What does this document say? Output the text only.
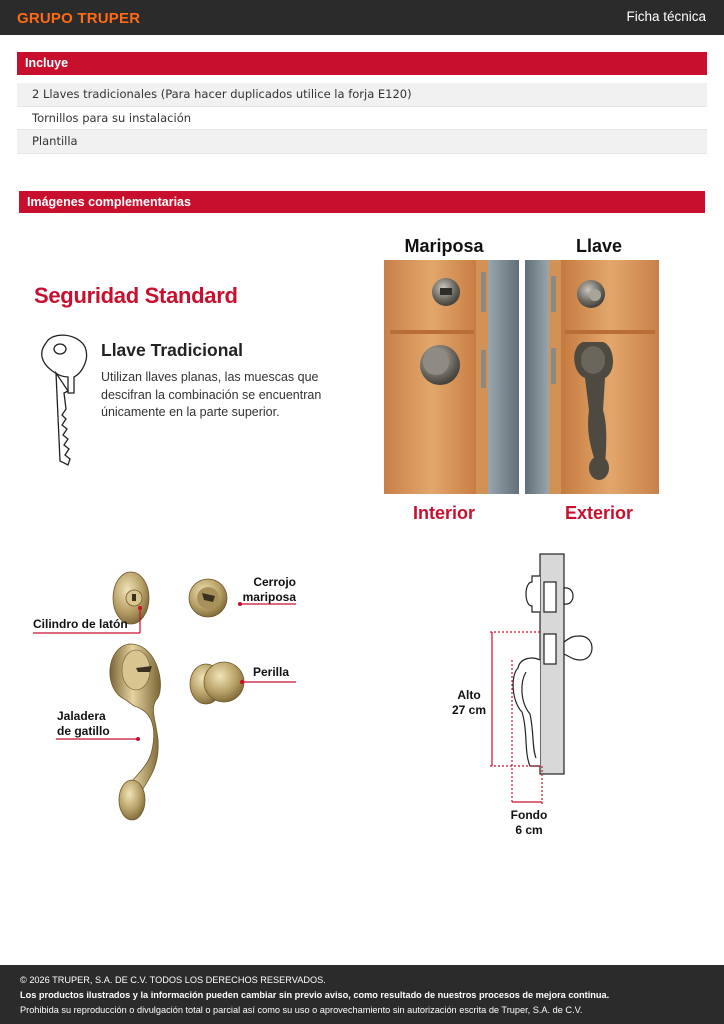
GRUPO TRUPER	Ficha técnica
Incluye
2 Llaves tradicionales (Para hacer duplicados utilice la forja E120)
Tornillos para su instalación
Plantilla
Imágenes complementarias
Seguridad Standard
Llave Tradicional
Utilizan llaves planas, las muescas que descifran la combinación se encuentran únicamente en la parte superior.
Mariposa	Llave
Interior	Exterior
Cilindro de latón
Cerrojo
mariposa
Perilla
Jaladera
de gatillo
Alto
27 cm
Fondo
6 cm
© 2026 TRUPER, S.A. DE C.V. TODOS LOS DERECHOS RESERVADOS.
Los productos ilustrados y la información pueden cambiar sin previo aviso, como resultado de nuestros procesos de mejora continua.
Prohibida su reproducción o divulgación total o parcial así como su uso o aprovechamiento sin autorización escrita de Truper, S.A. de C.V.
